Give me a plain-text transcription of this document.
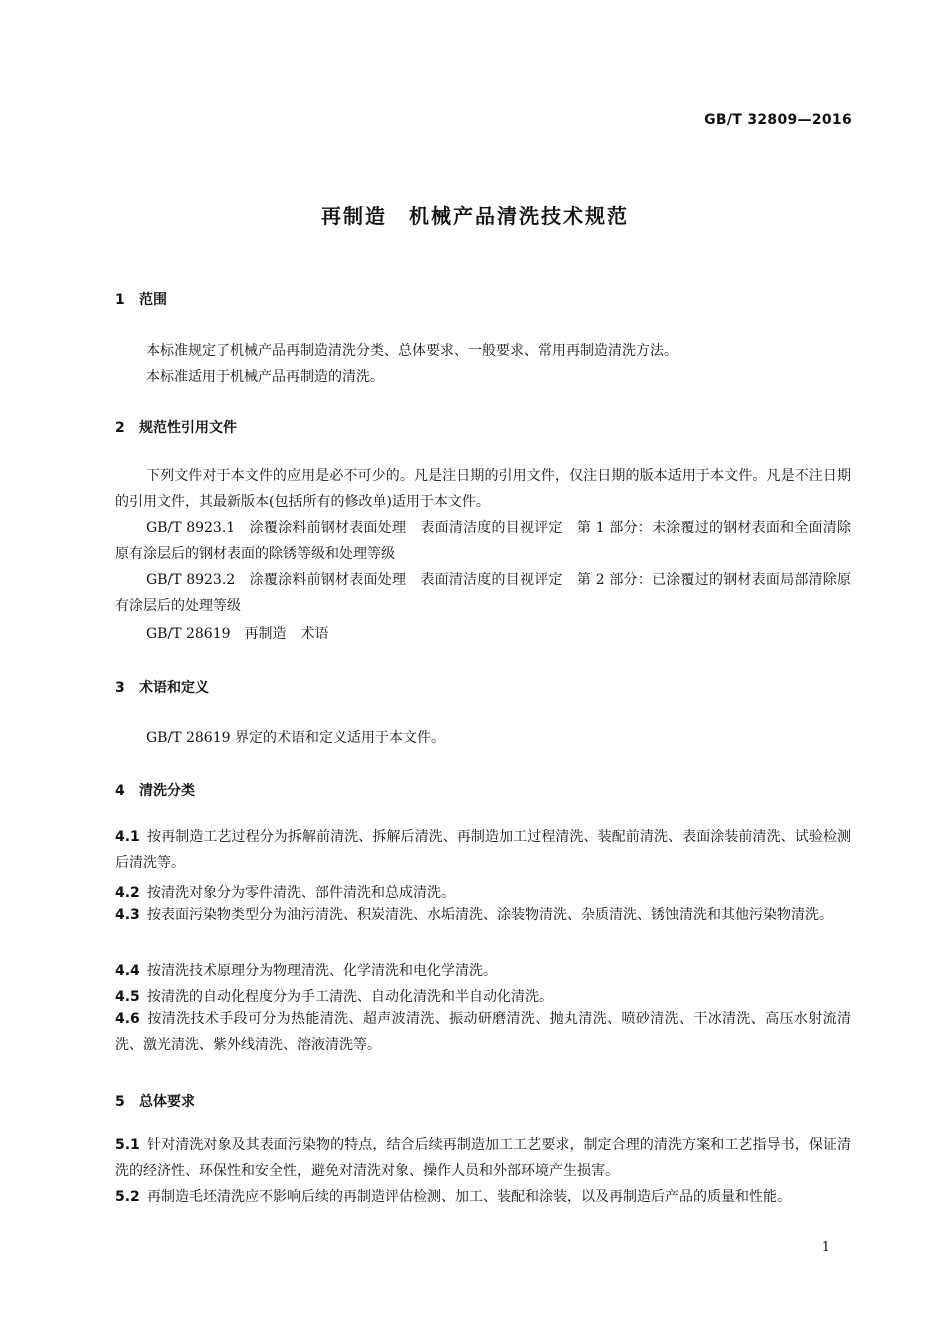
GB/T 32809—2016
再制造　机械产品清洗技术规范
1 范围
本标准规定了机械产品再制造清洗分类、总体要求、一般要求、常用再制造清洗方法。
本标准适用于机械产品再制造的清洗。
2 规范性引用文件
下列文件对于本文件的应用是必不可少的。凡是注日期的引用文件，仅注日期的版本适用于本文件。凡是不注日期的引用文件，其最新版本(包括所有的修改单)适用于本文件。
GB/T 8923.1　 涂覆涂料前钢材表面处理　表面清洁度的目视评定　第 1 部分：未涂覆过的钢材表面和全面清除原有涂层后的钢材表面的除锈等级和处理等级
GB/T 8923.2　 涂覆涂料前钢材表面处理　表面清洁度的目视评定　第 2 部分：已涂覆过的钢材表面局部清除原有涂层后的处理等级
GB/T 28619　 再制造　术语
3 术语和定义
GB/T 28619 界定的术语和定义适用于本文件。
4 清洗分类
4.1 按再制造工艺过程分为拆解前清洗、拆解后清洗、再制造加工过程清洗、装配前清洗、表面涂装前清洗、试验检测后清洗等。
4.2 按清洗对象分为零件清洗、部件清洗和总成清洗。
4.3 按表面污染物类型分为油污清洗、积炭清洗、水垢清洗、涂装物清洗、杂质清洗、锈蚀清洗和其他污染物清洗。
4.4 按清洗技术原理分为物理清洗、化学清洗和电化学清洗。
4.5 按清洗的自动化程度分为手工清洗、自动化清洗和半自动化清洗。
4.6 按清洗技术手段可分为热能清洗、超声波清洗、振动研磨清洗、抛丸清洗、喷砂清洗、干冰清洗、高压水射流清洗、激光清洗、紫外线清洗、溶液清洗等。
5 总体要求
5.1 针对清洗对象及其表面污染物的特点，结合后续再制造加工工艺要求，制定合理的清洗方案和工艺指导书，保证清洗的经济性、环保性和安全性，避免对清洗对象、操作人员和外部环境产生损害。
5.2 再制造毛坯清洗应不影响后续的再制造评估检测、加工、装配和涂装，以及再制造后产品的质量和性能。
1
